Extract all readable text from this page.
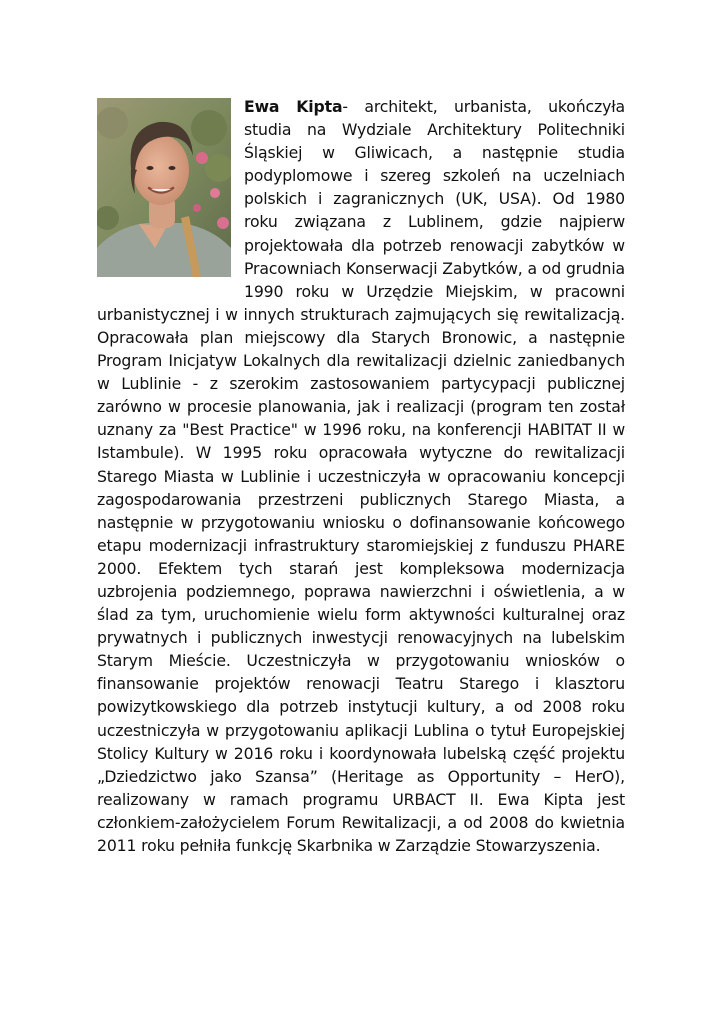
Ewa Kipta- architekt, urbanista, ukończyła studia na Wydziale Architektury Politechniki Śląskiej w Gliwicach, a następnie studia podyplomowe i szereg szkoleń na uczelniach polskich i zagranicznych (UK, USA). Od 1980 roku związana z Lublinem, gdzie najpierw projektowała dla potrzeb renowacji zabytków w Pracowniach Konserwacji Zabytków, a od grudnia 1990 roku w Urzędzie Miejskim, w pracowni urbanistycznej i w innych strukturach zajmujących się rewitalizacją. Opracowała plan miejscowy dla Starych Bronowic, a następnie Program Inicjatyw Lokalnych dla rewitalizacji dzielnic zaniedbanych w Lublinie - z szerokim zastosowaniem partycypacji publicznej zarówno w procesie planowania, jak i realizacji (program ten został uznany za "Best Practice" w 1996 roku, na konferencji HABITAT II w Istambule). W 1995 roku opracowała wytyczne do rewitalizacji Starego Miasta w Lublinie i uczestniczyła w opracowaniu koncepcji zagospodarowania przestrzeni publicznych Starego Miasta, a następnie w przygotowaniu wniosku o dofinansowanie końcowego etapu modernizacji infrastruktury staromiejskiej z funduszu PHARE 2000. Efektem tych starań jest kompleksowa modernizacja uzbrojenia podziemnego, poprawa nawierzchni i oświetlenia, a w ślad za tym, uruchomienie wielu form aktywności kulturalnej oraz prywatnych i publicznych inwestycji renowacyjnych na lubelskim Starym Mieście. Uczestniczyła w przygotowaniu wniosków o finansowanie projektów renowacji Teatru Starego i klasztoru powizytkowskiego dla potrzeb instytucji kultury, a od 2008 roku uczestniczyła w przygotowaniu aplikacji Lublina o tytuł Europejskiej Stolicy Kultury w 2016 roku i koordynowała lubelską część projektu „Dziedzictwo jako Szansa” (Heritage as Opportunity – HerO), realizowany w ramach programu URBACT II. Ewa Kipta jest członkiem-założycielem Forum Rewitalizacji, a od 2008 do kwietnia 2011 roku pełniła funkcję Skarbnika w Zarządzie Stowarzyszenia.
